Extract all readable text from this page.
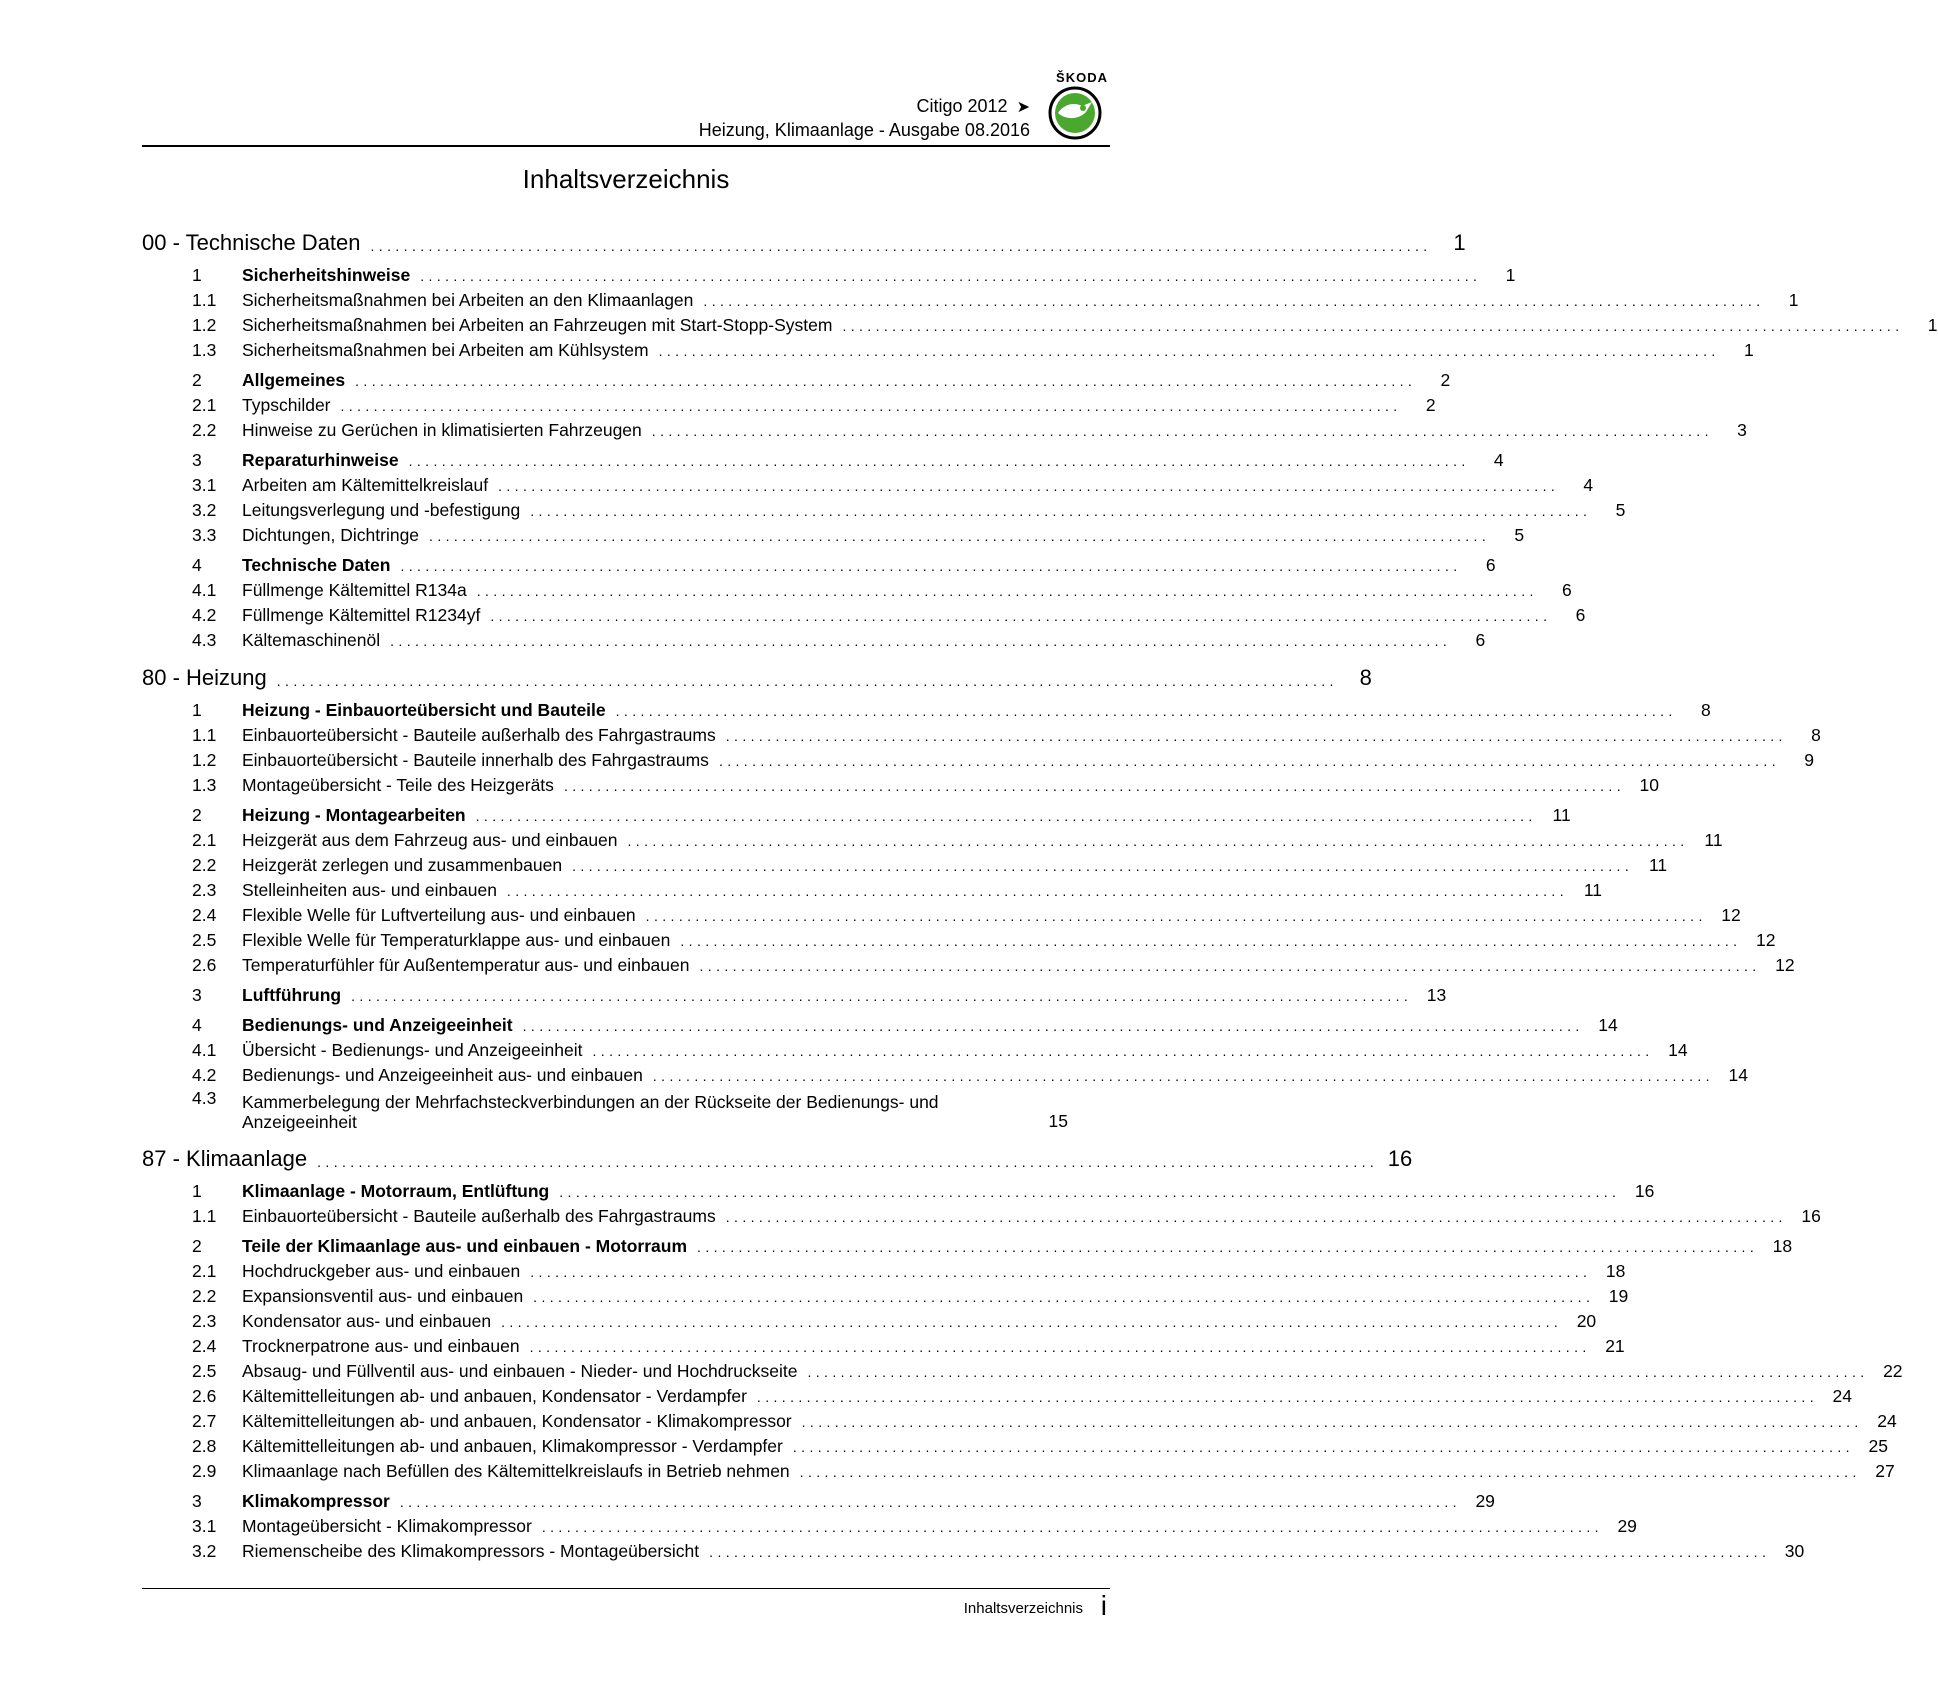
ŠKODA
Citigo 2012 ➤
Heizung, Klimaanlage - Ausgabe 08.2016
Inhaltsverzeichnis
00 - Technische Daten ................................................................................................................................ 1
1	Sicherheitshinweise ................................................................................................................................	1
1.1	Sicherheitsmaßnahmen bei Arbeiten an den Klimaanlagen ................................................................................................................................	1
1.2	Sicherheitsmaßnahmen bei Arbeiten an Fahrzeugen mit Start-Stopp-System ................................................................................................................................	1
1.3	Sicherheitsmaßnahmen bei Arbeiten am Kühlsystem ................................................................................................................................	1
2	Allgemeines ................................................................................................................................	2
2.1	Typschilder ................................................................................................................................	2
2.2	Hinweise zu Gerüchen in klimatisierten Fahrzeugen ................................................................................................................................	3
3	Reparaturhinweise ................................................................................................................................	4
3.1	Arbeiten am Kältemittelkreislauf ................................................................................................................................	4
3.2	Leitungsverlegung und -befestigung ................................................................................................................................	5
3.3	Dichtungen, Dichtringe ................................................................................................................................	5
4	Technische Daten ................................................................................................................................	6
4.1	Füllmenge Kältemittel R134a ................................................................................................................................	6
4.2	Füllmenge Kältemittel R1234yf ................................................................................................................................	6
4.3	Kältemaschinenöl ................................................................................................................................	6
80 - Heizung ................................................................................................................................ 8
1	Heizung - Einbauorteübersicht und Bauteile ................................................................................................................................	8
1.1	Einbauorteübersicht - Bauteile außerhalb des Fahrgastraums ................................................................................................................................	8
1.2	Einbauorteübersicht - Bauteile innerhalb des Fahrgastraums ................................................................................................................................	9
1.3	Montageübersicht - Teile des Heizgeräts ................................................................................................................................ 10
2	Heizung - Montagearbeiten ................................................................................................................................ 11
2.1	Heizgerät aus dem Fahrzeug aus- und einbauen ................................................................................................................................ 11
2.2	Heizgerät zerlegen und zusammenbauen ................................................................................................................................ 11
2.3	Stelleinheiten aus- und einbauen ................................................................................................................................ 11
2.4	Flexible Welle für Luftverteilung aus- und einbauen ................................................................................................................................ 12
2.5	Flexible Welle für Temperaturklappe aus- und einbauen ................................................................................................................................ 12
2.6	Temperaturfühler für Außentemperatur aus- und einbauen ................................................................................................................................ 12
3	Luftführung ................................................................................................................................ 13
4	Bedienungs- und Anzeigeeinheit ................................................................................................................................ 14
4.1	Übersicht - Bedienungs- und Anzeigeeinheit ................................................................................................................................ 14
4.2	Bedienungs- und Anzeigeeinheit aus- und einbauen ................................................................................................................................ 14
4.3	Kammerbelegung der Mehrfachsteckverbindungen an der Rückseite der Bedienungs- und Anzeigeeinheit	15
87 - Klimaanlage ................................................................................................................................ 16
1	Klimaanlage - Motorraum, Entlüftung ................................................................................................................................ 16
1.1	Einbauorteübersicht - Bauteile außerhalb des Fahrgastraums ................................................................................................................................ 16
2	Teile der Klimaanlage aus- und einbauen - Motorraum ................................................................................................................................ 18
2.1	Hochdruckgeber aus- und einbauen ................................................................................................................................ 18
2.2	Expansionsventil aus- und einbauen ................................................................................................................................ 19
2.3	Kondensator aus- und einbauen ................................................................................................................................ 20
2.4	Trocknerpatrone aus- und einbauen ................................................................................................................................ 21
2.5	Absaug- und Füllventil aus- und einbauen - Nieder- und Hochdruckseite ................................................................................................................................ 22
2.6	Kältemittelleitungen ab- und anbauen, Kondensator - Verdampfer ................................................................................................................................ 24
2.7	Kältemittelleitungen ab- und anbauen, Kondensator - Klimakompressor ................................................................................................................................ 24
2.8	Kältemittelleitungen ab- und anbauen, Klimakompressor - Verdampfer ................................................................................................................................ 25
2.9	Klimaanlage nach Befüllen des Kältemittelkreislaufs in Betrieb nehmen ................................................................................................................................ 27
3	Klimakompressor ................................................................................................................................ 29
3.1	Montageübersicht - Klimakompressor ................................................................................................................................ 29
3.2	Riemenscheibe des Klimakompressors - Montageübersicht ................................................................................................................................ 30
Inhaltsverzeichnis i
